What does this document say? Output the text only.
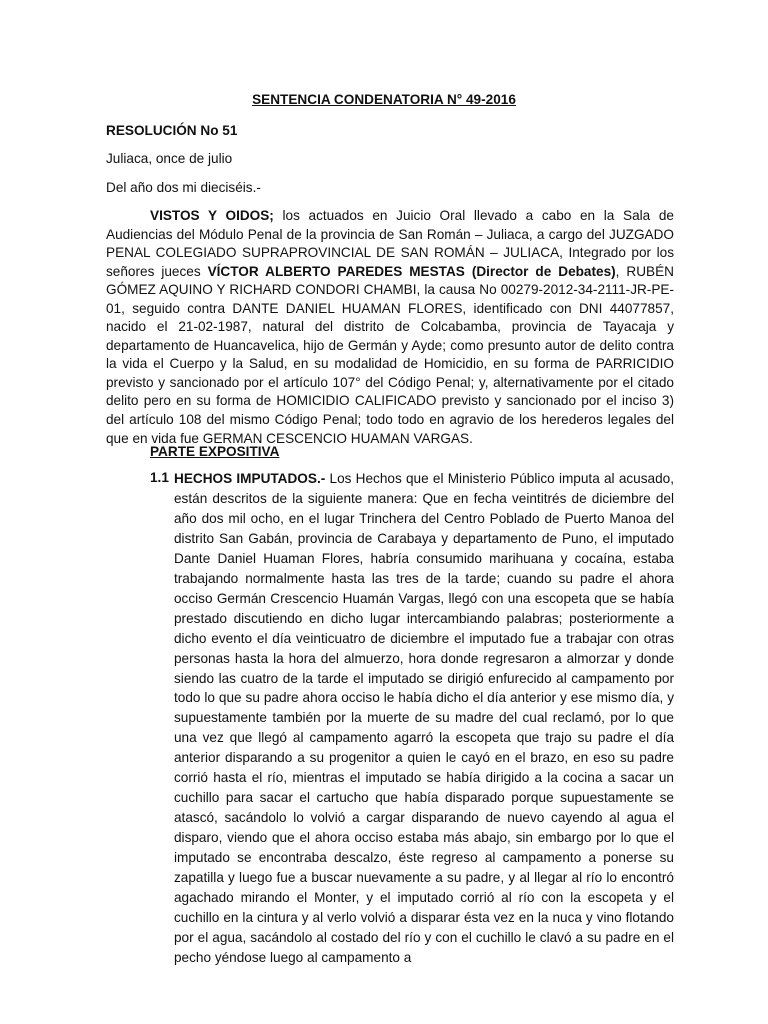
SENTENCIA CONDENATORIA N° 49-2016
RESOLUCIÓN No 51
Juliaca, once de julio
Del año dos mi dieciséis.-

VISTOS Y OIDOS; los actuados en Juicio Oral llevado a cabo en la Sala de Audiencias del Módulo Penal de la provincia de San Román – Juliaca, a cargo del JUZGADO PENAL COLEGIADO SUPRAPROVINCIAL DE SAN ROMÁN – JULIACA, Integrado por los señores jueces VÍCTOR ALBERTO PAREDES MESTAS (Director de Debates), RUBÉN GÓMEZ AQUINO Y RICHARD CONDORI CHAMBI, la causa No 00279-2012-34-2111-JR-PE-01, seguido contra DANTE DANIEL HUAMAN FLORES, identificado con DNI 44077857, nacido el 21-02-1987, natural del distrito de Colcabamba, provincia de Tayacaja y departamento de Huancavelica, hijo de Germán y Ayde; como presunto autor de delito contra la vida el Cuerpo y la Salud, en su modalidad de Homicidio, en su forma de PARRICIDIO previsto y sancionado por el artículo 107° del Código Penal; y, alternativamente por el citado delito pero en su forma de HOMICIDIO CALIFICADO previsto y sancionado por el inciso 3) del artículo 108 del mismo Código Penal; todo todo en agravio de los herederos legales del que en vida fue GERMAN CESCENCIO HUAMAN VARGAS.

PARTE EXPOSITIVA
1.1 HECHOS IMPUTADOS.- Los Hechos que el Ministerio Público imputa al acusado, están descritos de la siguiente manera: Que en fecha veintitrés de diciembre del año dos mil ocho, en el lugar Trinchera del Centro Poblado de Puerto Manoa del distrito San Gabán, provincia de Carabaya y departamento de Puno, el imputado Dante Daniel Huaman Flores, habría consumido marihuana y cocaína, estaba trabajando normalmente hasta las tres de la tarde; cuando su padre el ahora occiso Germán Crescencio Huamán Vargas, llegó con una escopeta que se había prestado discutiendo en dicho lugar intercambiando palabras; posteriormente a dicho evento el día veinticuatro de diciembre el imputado fue a trabajar con otras personas hasta la hora del almuerzo, hora donde regresaron a almorzar y donde siendo las cuatro de la tarde el imputado se dirigió enfurecido al campamento por todo lo que su padre ahora occiso le había dicho el día anterior y ese mismo día, y supuestamente también por la muerte de su madre del cual reclamó, por lo que una vez que llegó al campamento agarró la escopeta que trajo su padre el día anterior disparando a su progenitor a quien le cayó en el brazo, en eso su padre corrió hasta el río, mientras el imputado se había dirigido a la cocina a sacar un cuchillo para sacar el cartucho que había disparado porque supuestamente se atascó, sacándolo lo volvió a cargar disparando de nuevo cayendo al agua el disparo, viendo que el ahora occiso estaba más abajo, sin embargo por lo que el imputado se encontraba descalzo, éste regreso al campamento a ponerse su zapatilla y luego fue a buscar nuevamente a su padre, y al llegar al río lo encontró agachado mirando el Monter, y el imputado corrió al río con la escopeta y el cuchillo en la cintura y al verlo volvió a disparar ésta vez en la nuca y vino flotando por el agua, sacándolo al costado del río y con el cuchillo le clavó a su padre en el pecho yéndose luego al campamento a
